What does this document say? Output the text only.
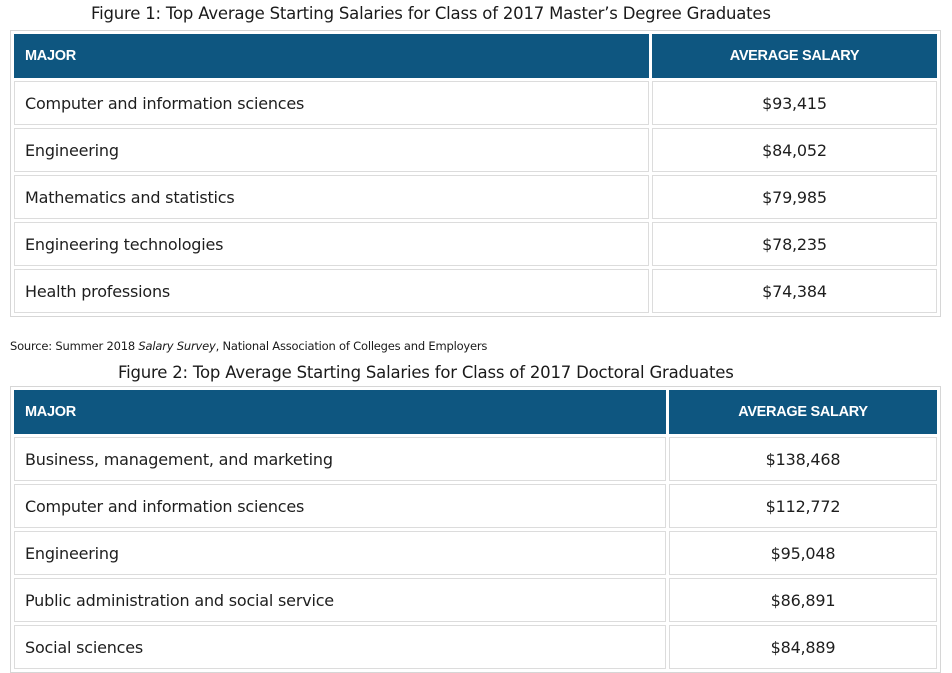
Figure 1: Top Average Starting Salaries for Class of 2017 Master’s Degree Graduates
MAJOR	AVERAGE SALARY
Computer and information sciences	$93,415
Engineering	$84,052
Mathematics and statistics	$79,985
Engineering technologies	$78,235
Health professions	$74,384
Source: Summer 2018 Salary Survey, National Association of Colleges and Employers
Figure 2: Top Average Starting Salaries for Class of 2017 Doctoral Graduates
MAJOR	AVERAGE SALARY
Business, management, and marketing	$138,468
Computer and information sciences	$112,772
Engineering	$95,048
Public administration and social service	$86,891
Social sciences	$84,889
